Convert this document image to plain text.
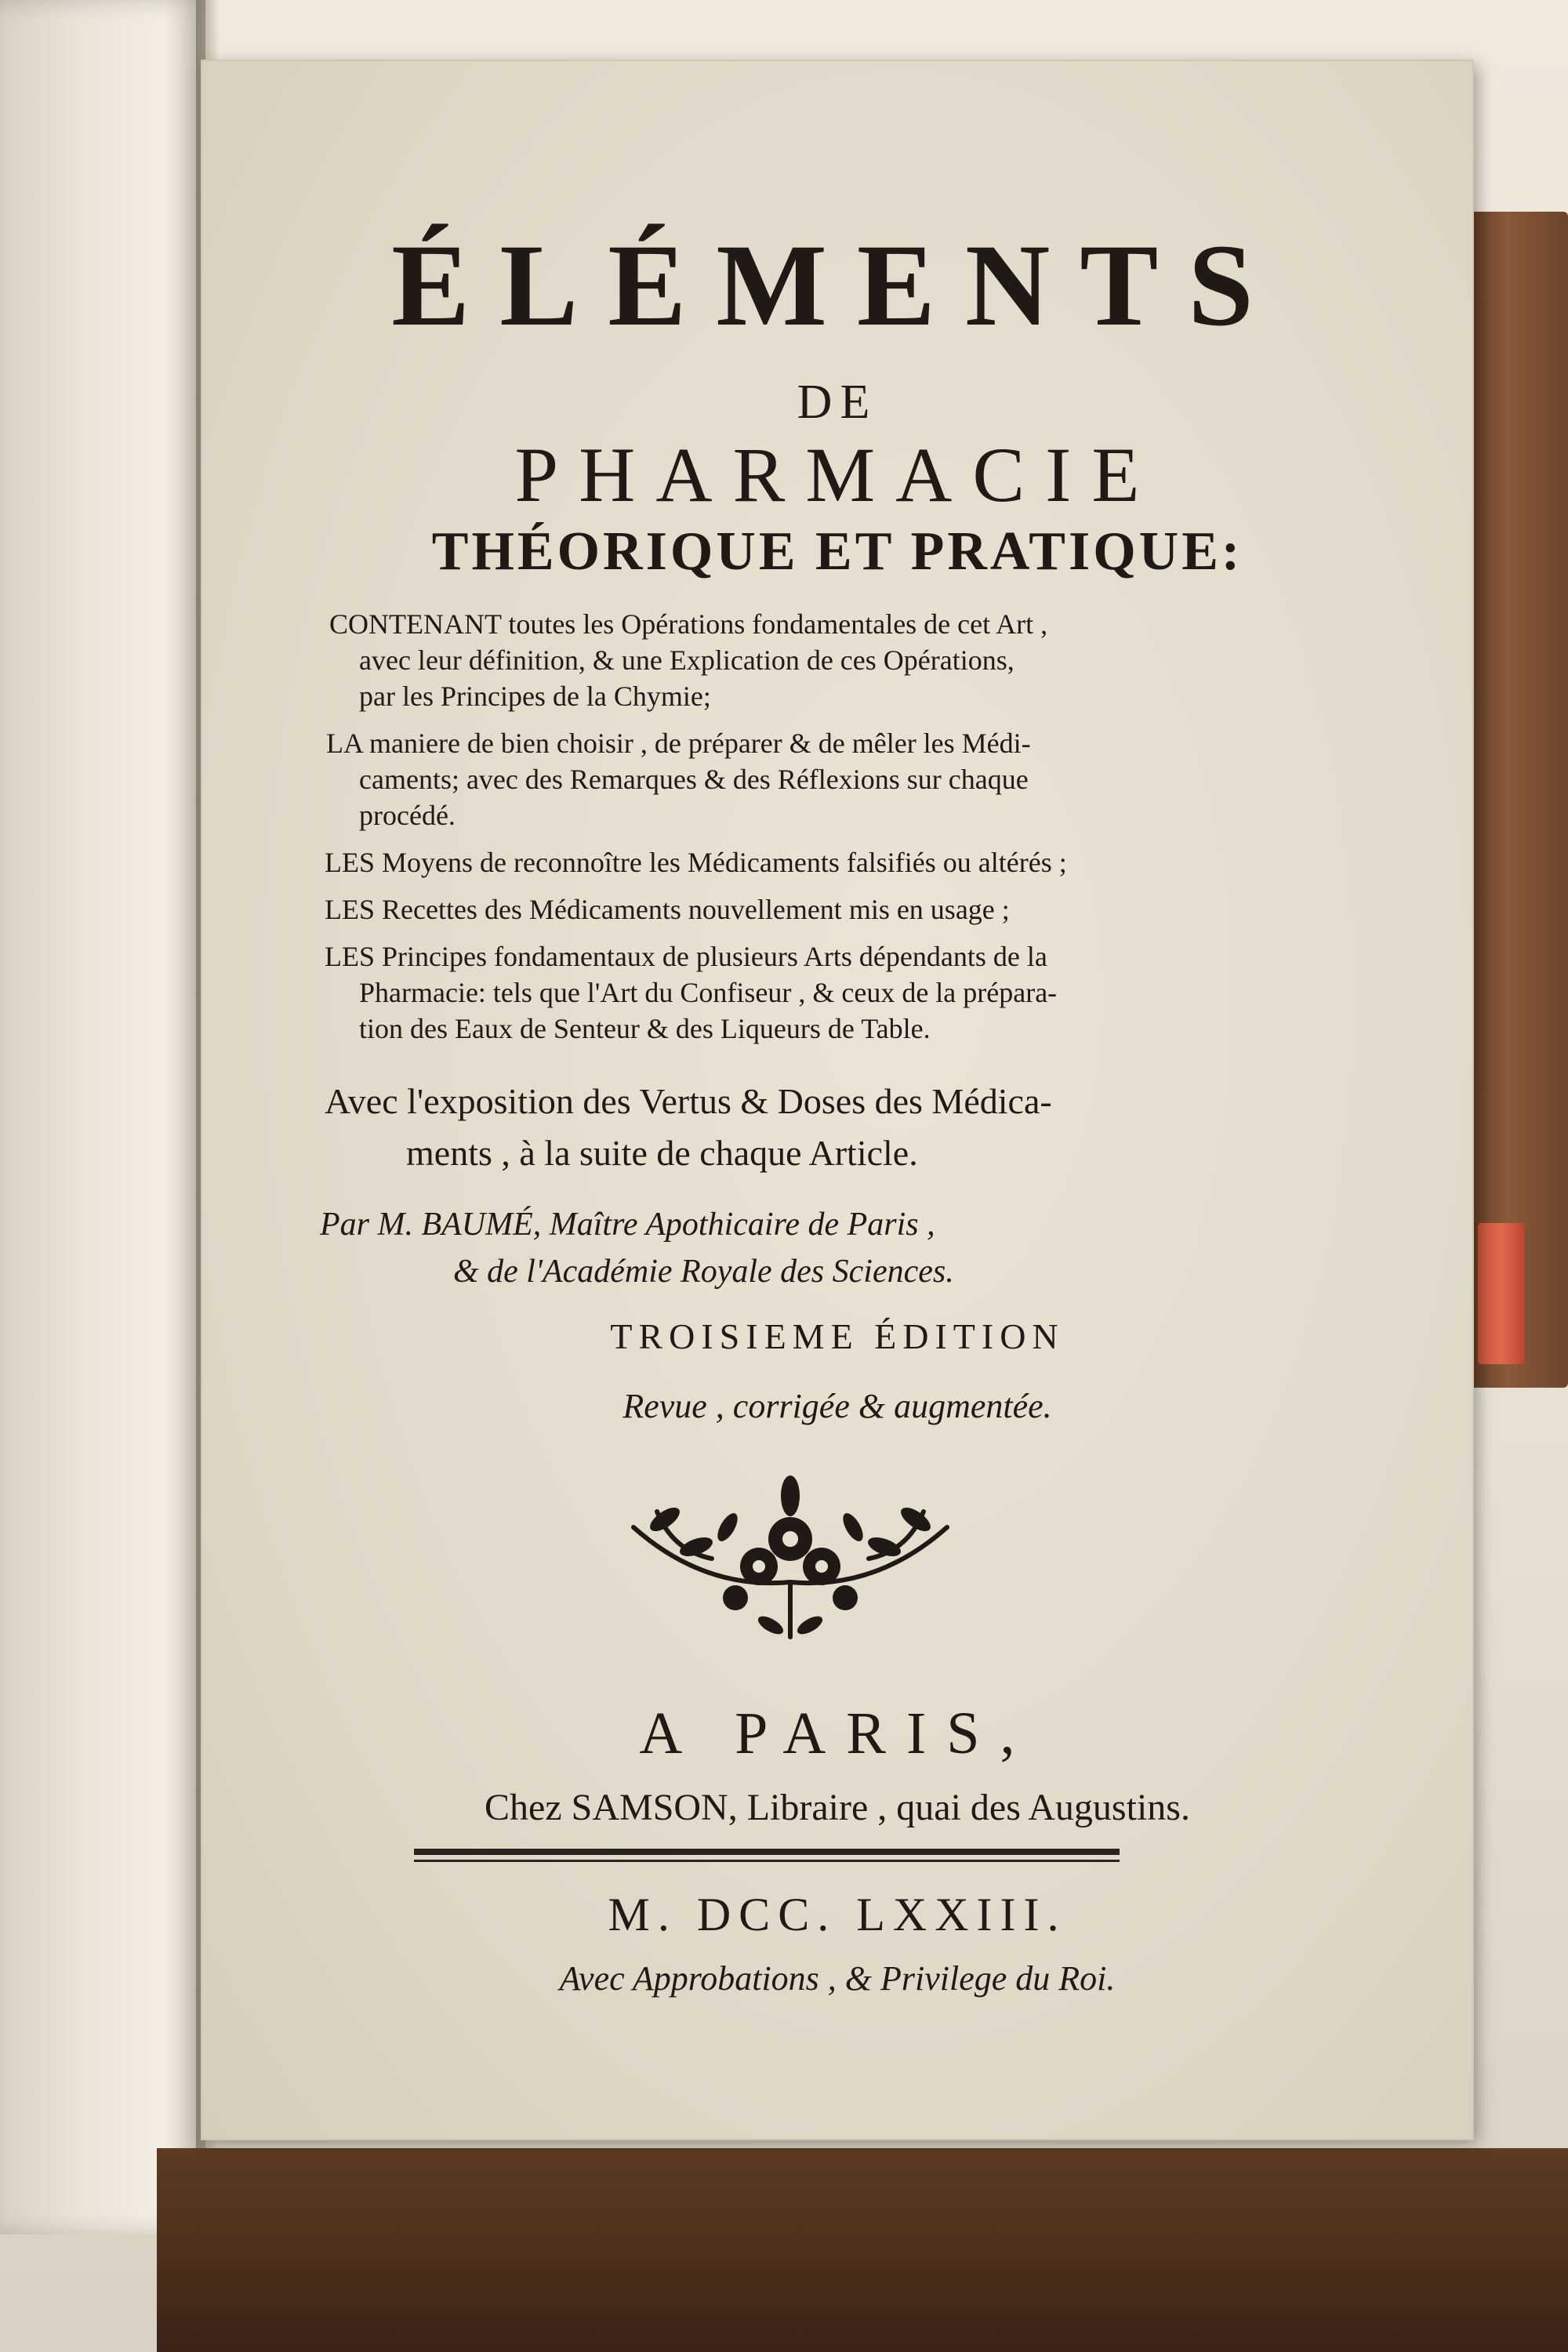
ÉLÉMENTS
DE
PHARMACIE
THÉORIQUE ET PRATIQUE:
CONTENANT toutes les Opérations fondamentales de cet Art ,
avec leur définition, & une Explication de ces Opérations,
par les Principes de la Chymie;
LA maniere de bien choisir , de préparer & de mêler les Médi-
caments; avec des Remarques & des Réflexions sur chaque
procédé.
LES Moyens de reconnoître les Médicaments falsifiés ou altérés ;
LES Recettes des Médicaments nouvellement mis en usage ;
LES Principes fondamentaux de plusieurs Arts dépendants de la
Pharmacie: tels que l'Art du Confiseur , & ceux de la prépara-
tion des Eaux de Senteur & des Liqueurs de Table.
Avec l'exposition des Vertus & Doses des Médica-
ments , à la suite de chaque Article.
Par M. BAUMÉ, Maître Apothicaire de Paris ,
& de l'Académie Royale des Sciences.
TROISIEME ÉDITION
Revue , corrigée & augmentée.
A PARIS,
Chez SAMSON, Libraire , quai des Augustins.
M. DCC. LXXIII.
Avec Approbations , & Privilege du Roi.
